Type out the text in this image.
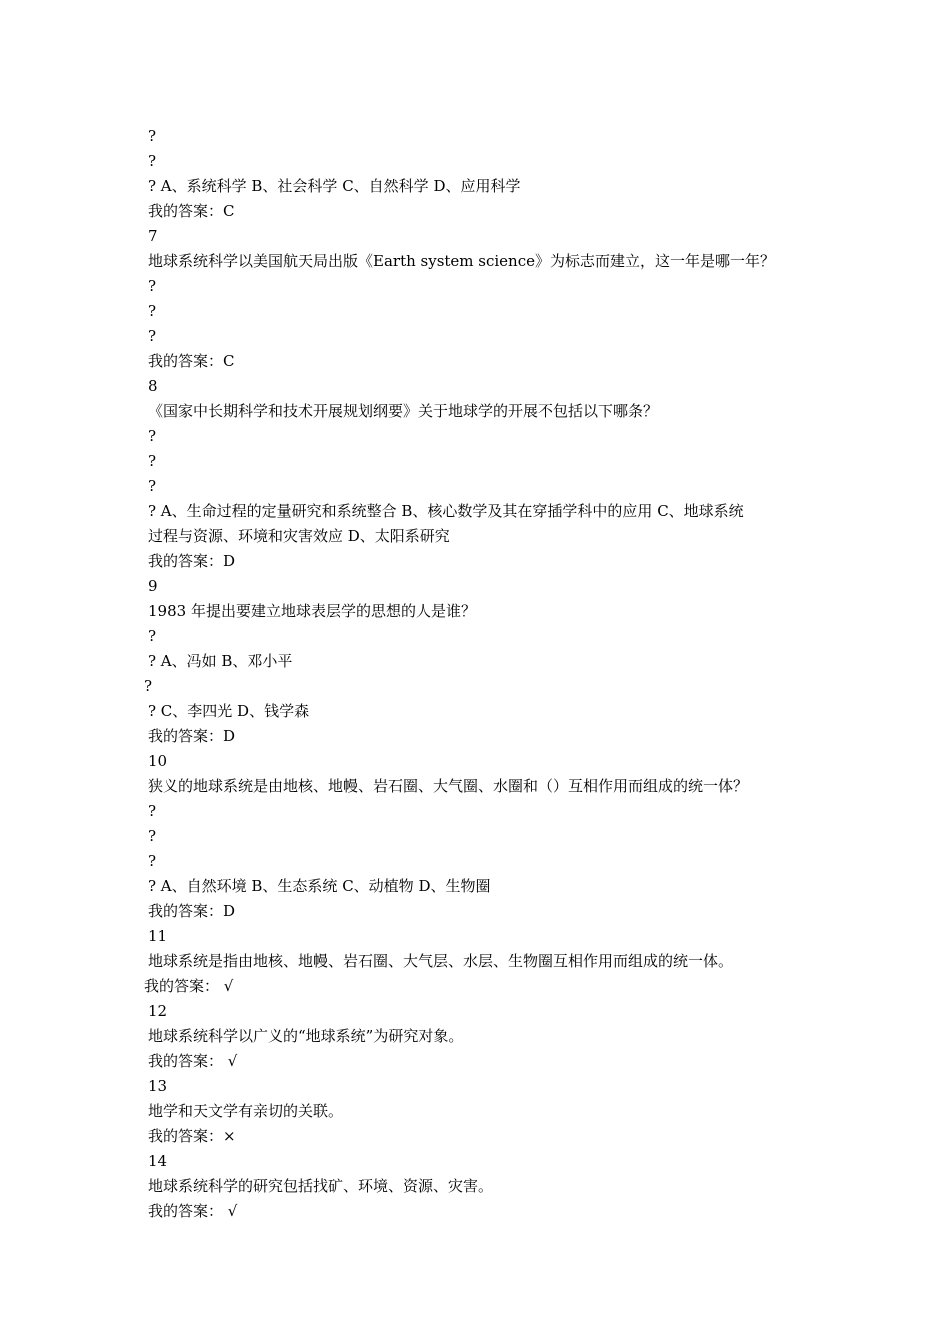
?
?
? A、系统科学 B、社会科学 C、自然科学 D、应用科学
我的答案：C
7
地球系统科学以美国航天局出版《Earth system science》为标志而建立，这一年是哪一年？
?
?
?
我的答案：C
8
《国家中长期科学和技术开展规划纲要》关于地球学的开展不包括以下哪条？
?
?
?
? A、生命过程的定量研究和系统整合 B、核心数学及其在穿插学科中的应用 C、地球系统
过程与资源、环境和灾害效应 D、太阳系研究
我的答案：D
9
1983 年提出要建立地球表层学的思想的人是谁？
?
? A、冯如 B、邓小平
?
? C、李四光 D、钱学森
我的答案：D
10
狭义的地球系统是由地核、地幔、岩石圈、大气圈、水圈和（）互相作用而组成的统一体？
?
?
?
? A、自然环境 B、生态系统 C、动植物 D、生物圈
我的答案：D
11
地球系统是指由地核、地幔、岩石圈、大气层、水层、生物圈互相作用而组成的统一体。
我的答案： √
12
地球系统科学以广义的“地球系统”为研究对象。
我的答案： √
13
地学和天文学有亲切的关联。
我的答案：×
14
地球系统科学的研究包括找矿、环境、资源、灾害。
我的答案： √
